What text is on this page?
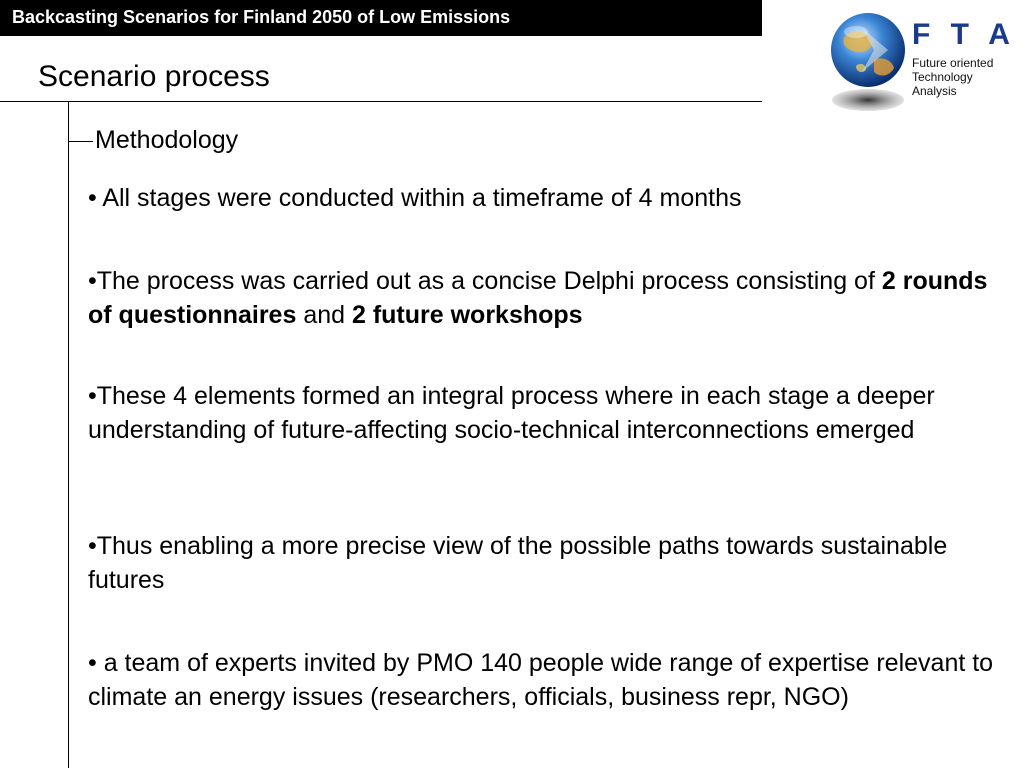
Backcasting Scenarios for Finland 2050 of Low Emissions
Scenario process
F T A
Future oriented
Technology
Analysis
Methodology
• All stages were conducted within a timeframe of 4 months
•The process was carried out as a concise Delphi process consisting of 2 rounds of questionnaires and 2 future workshops
•These 4 elements formed an integral process where in each stage a deeper understanding of future-affecting socio-technical interconnections emerged
•Thus enabling a more precise view of the possible paths towards sustainable futures
• a team of experts invited by PMO 140 people wide range of expertise relevant to climate an energy issues (researchers, officials, business repr, NGO)
